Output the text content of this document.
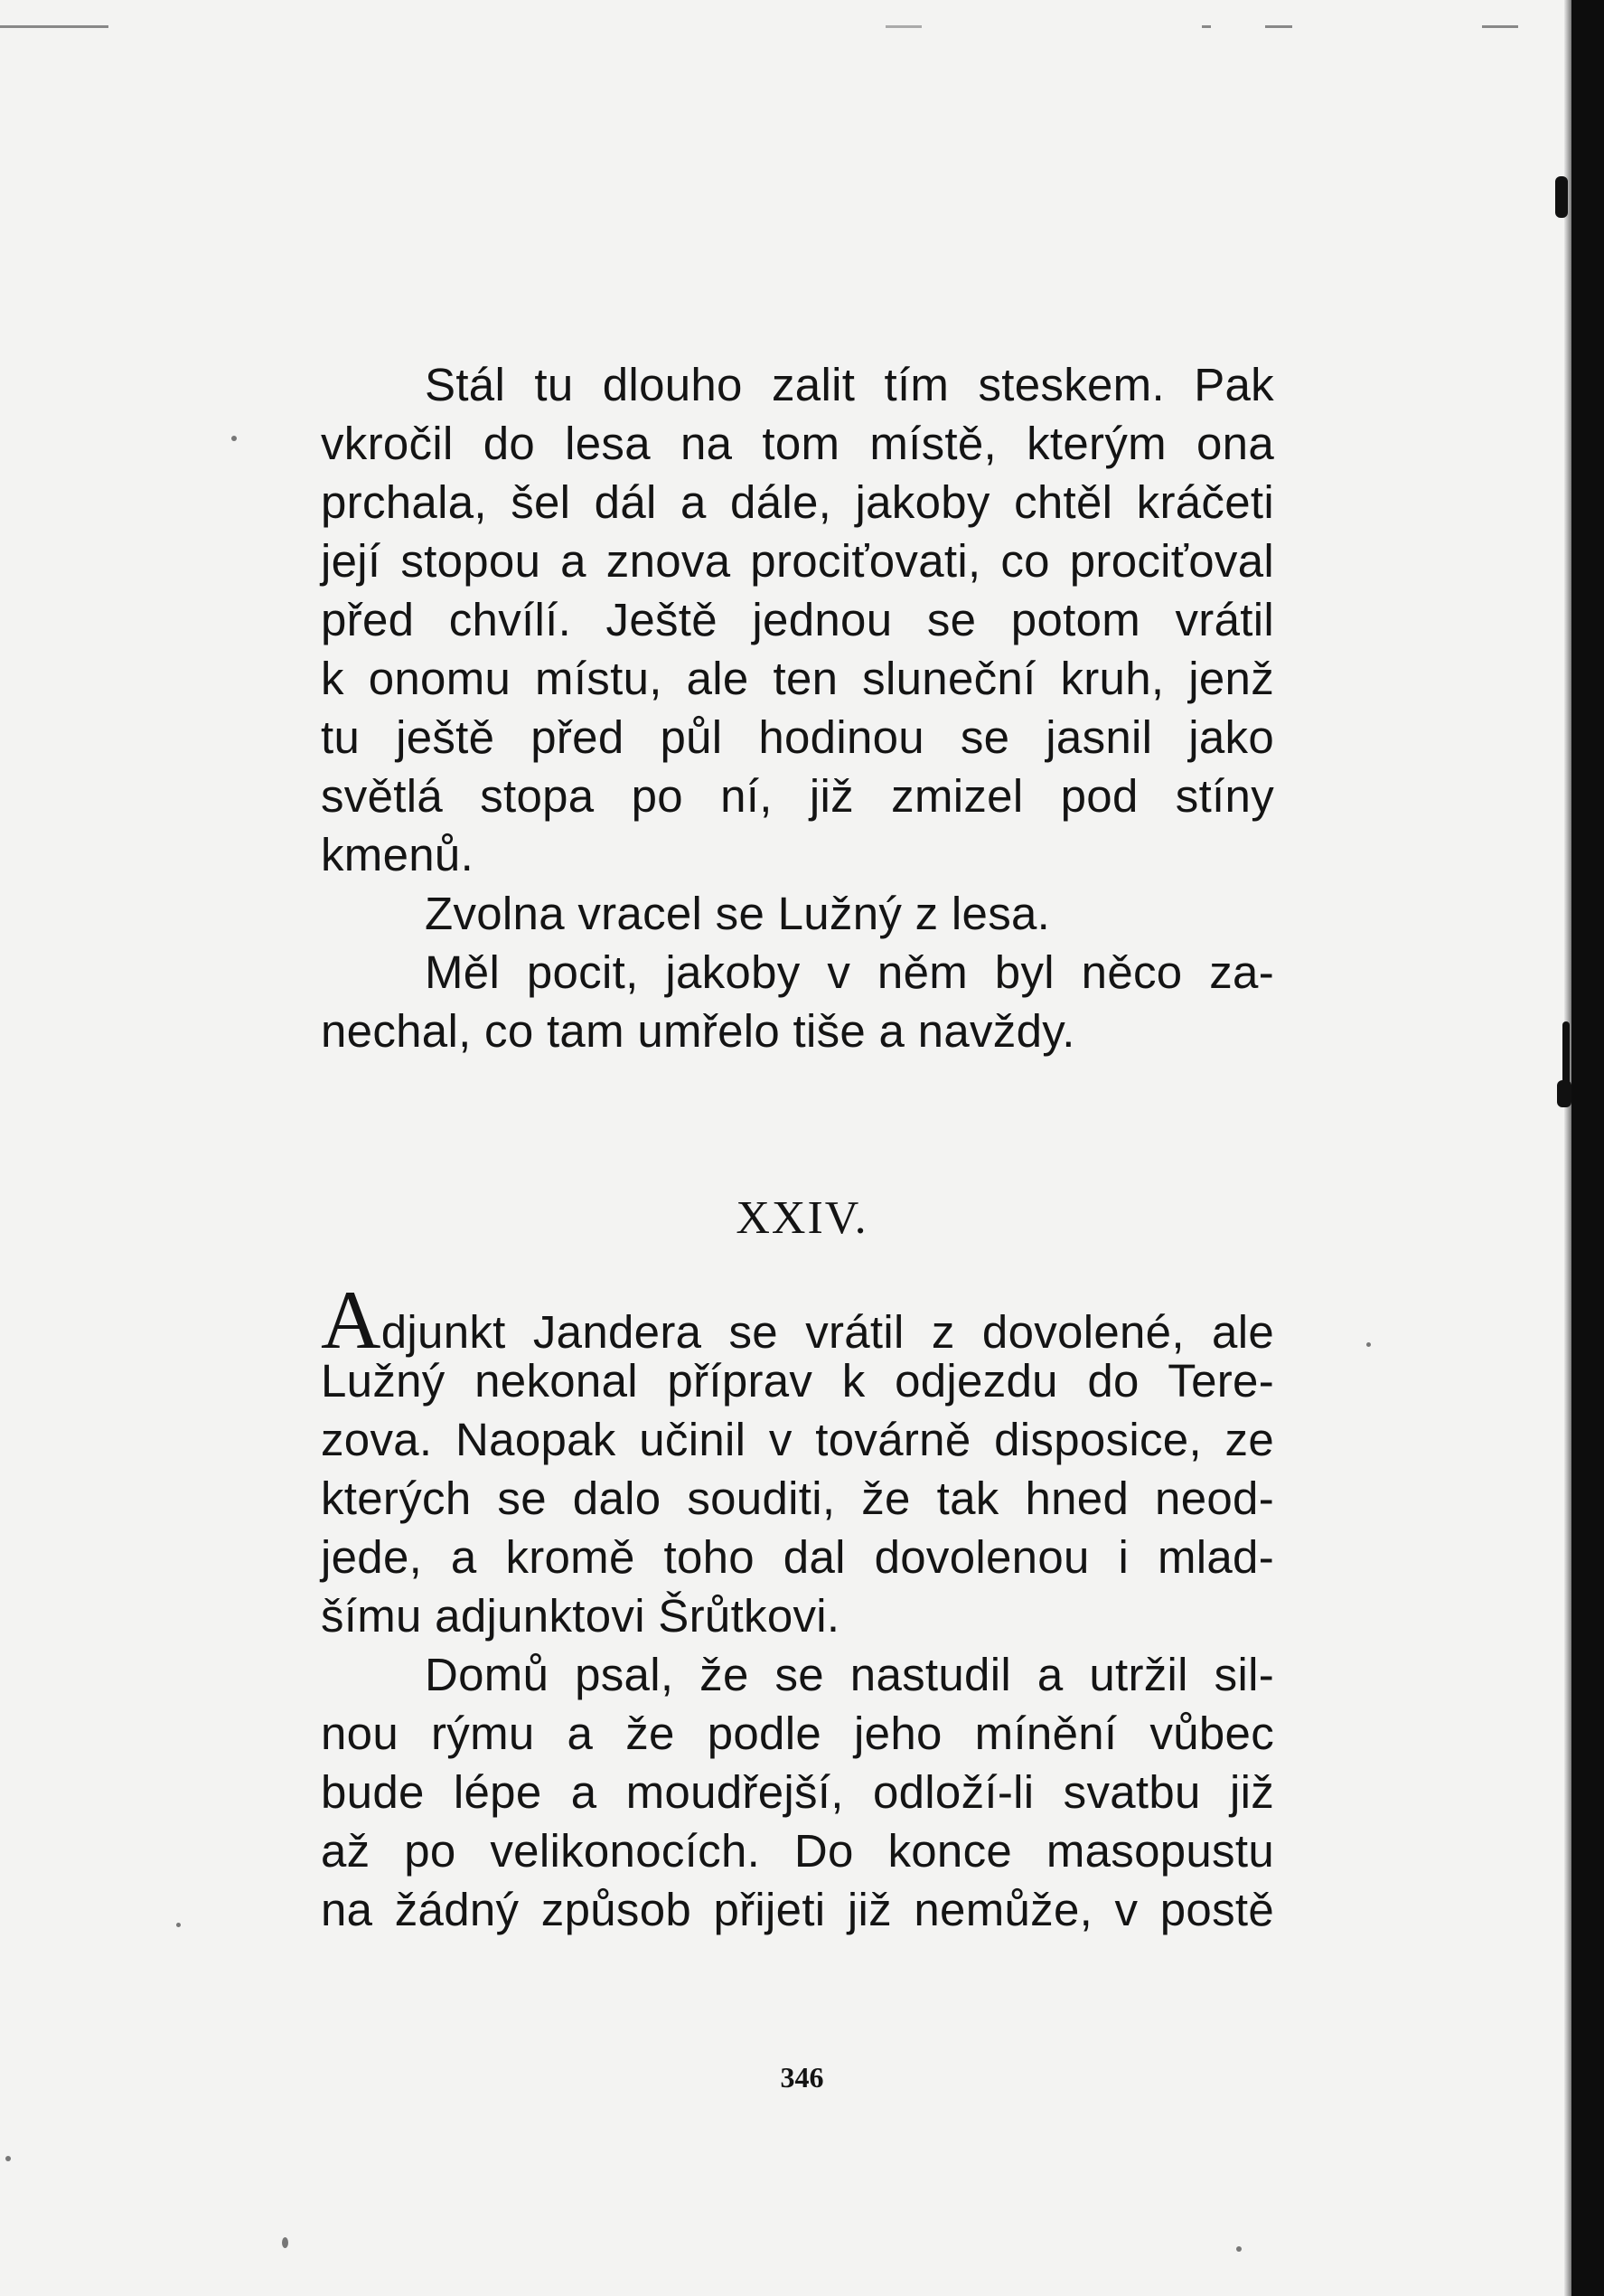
Stál tu dlouho zalit tím steskem. Pak
vkročil do lesa na tom místě, kterým ona
prchala, šel dál a dále, jakoby chtěl kráčeti
její stopou a znova prociťovati, co prociťoval
před chvílí. Ještě jednou se potom vrátil
k onomu místu, ale ten sluneční kruh, jenž
tu ještě před půl hodinou se jasnil jako
světlá stopa po ní, již zmizel pod stíny
kmenů.
Zvolna vracel se Lužný z lesa.
Měl pocit, jakoby v něm byl něco za-
nechal, co tam umřelo tiše a navždy.
XXIV.
Adjunkt Jandera se vrátil z dovolené, ale
Lužný nekonal příprav k odjezdu do Tere-
zova. Naopak učinil v továrně disposice, ze
kterých se dalo souditi, že tak hned neod-
jede, a kromě toho dal dovolenou i mlad-
šímu adjunktovi Šrůtkovi.
Domů psal, že se nastudil a utržil sil-
nou rýmu a že podle jeho mínění vůbec
bude lépe a moudřejší, odloží-li svatbu již
až po velikonocích. Do konce masopustu
na žádný způsob přijeti již nemůže, v postě
346
